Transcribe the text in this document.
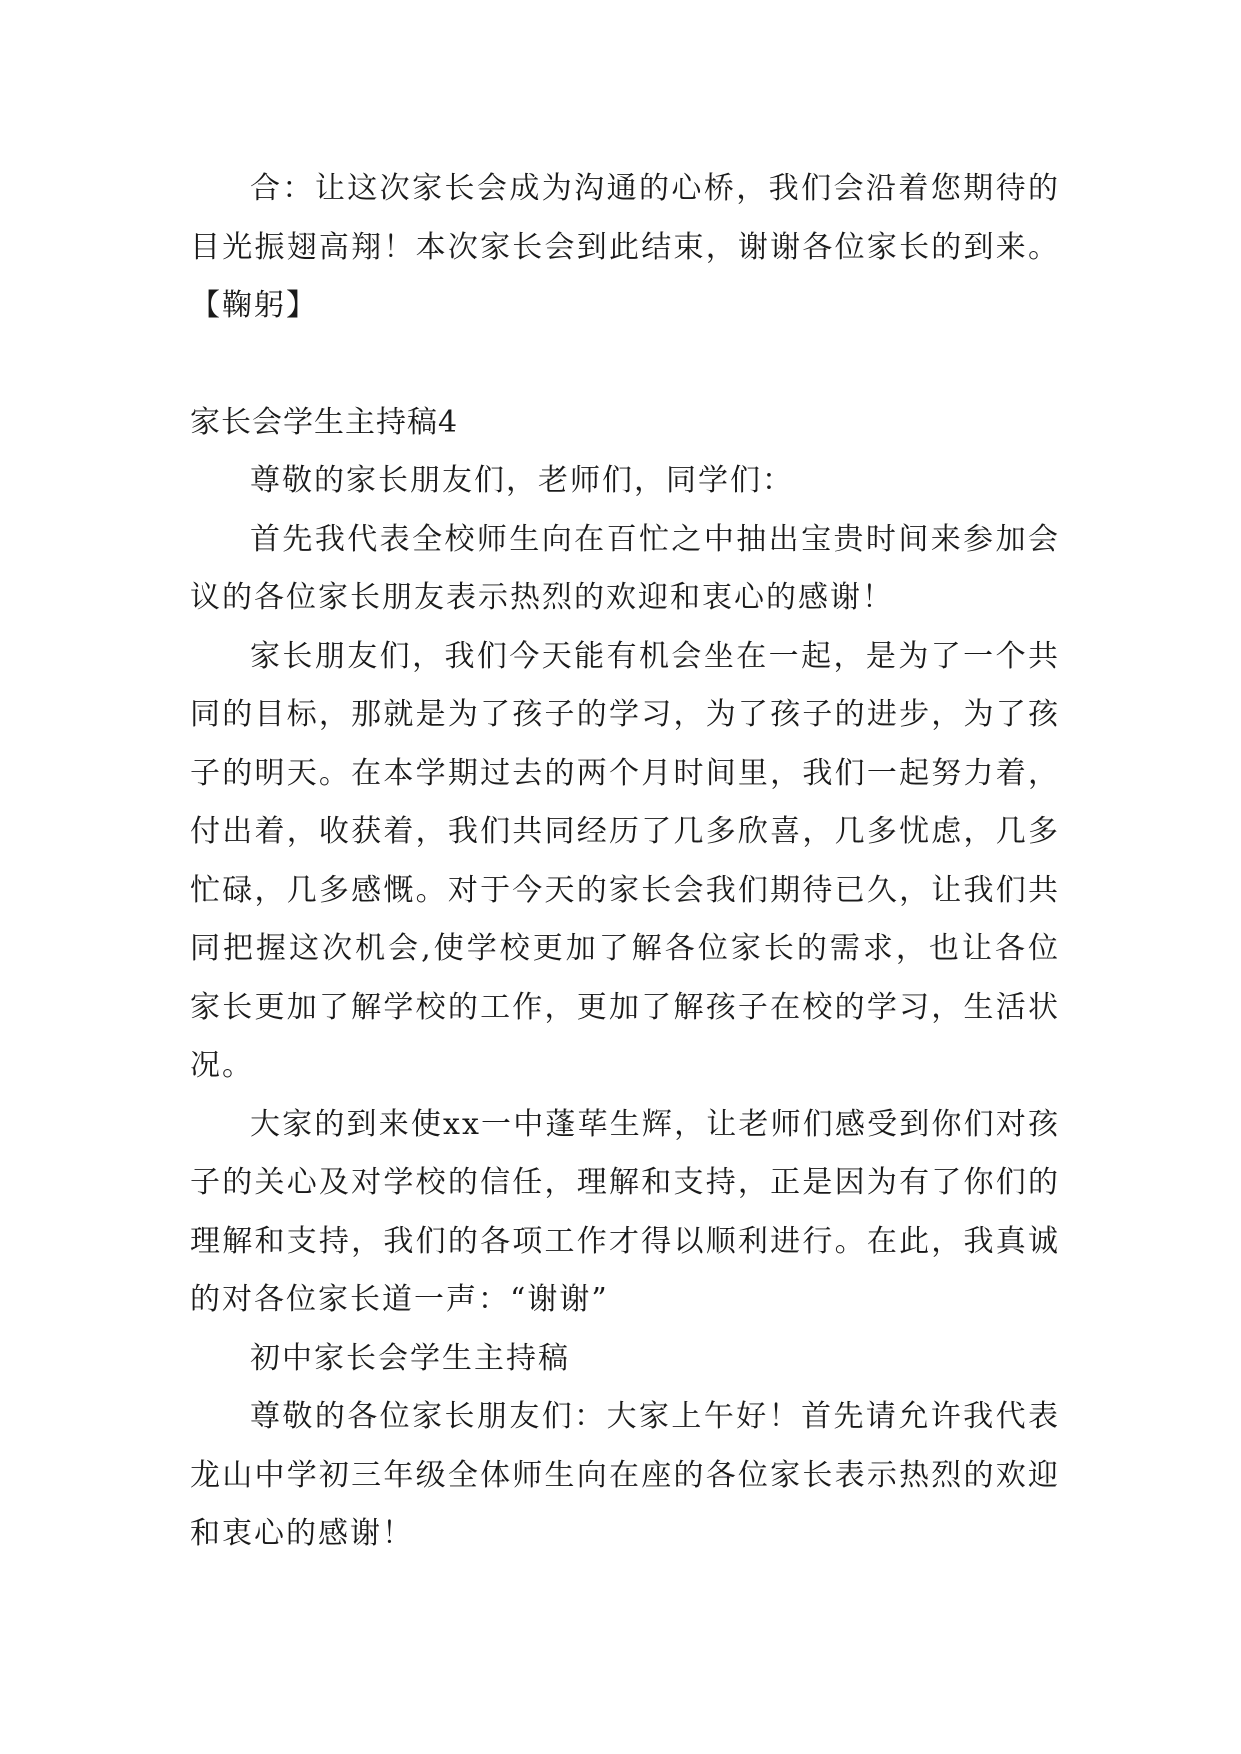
合：让这次家长会成为沟通的心桥，我们会沿着您期待的目光振翅高翔！本次家长会到此结束，谢谢各位家长的到来。【鞠躬】

家长会学生主持稿4

尊敬的家长朋友们，老师们，同学们：

首先我代表全校师生向在百忙之中抽出宝贵时间来参加会议的各位家长朋友表示热烈的欢迎和衷心的感谢！

家长朋友们，我们今天能有机会坐在一起，是为了一个共同的目标，那就是为了孩子的学习，为了孩子的进步，为了孩子的明天。在本学期过去的两个月时间里，我们一起努力着，付出着，收获着，我们共同经历了几多欣喜，几多忧虑，几多忙碌，几多感慨。对于今天的家长会我们期待已久，让我们共同把握这次机会,使学校更加了解各位家长的需求，也让各位家长更加了解学校的工作，更加了解孩子在校的学习，生活状况。

大家的到来使xx一中蓬荜生辉，让老师们感受到你们对孩子的关心及对学校的信任，理解和支持，正是因为有了你们的理解和支持，我们的各项工作才得以顺利进行。在此，我真诚的对各位家长道一声：“谢谢”

初中家长会学生主持稿

尊敬的各位家长朋友们：大家上午好！首先请允许我代表龙山中学初三年级全体师生向在座的各位家长表示热烈的欢迎和衷心的感谢！
